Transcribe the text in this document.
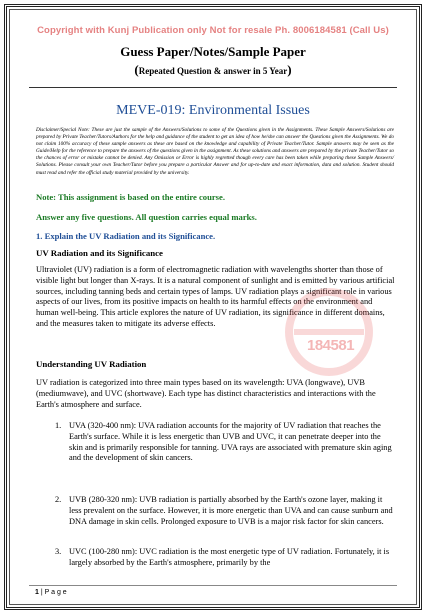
Copyright with Kunj Publication only Not for resale Ph. 8006184581 (Call Us)
Guess Paper/Notes/Sample Paper
(Repeated Question & answer in 5 Year)
MEVE-019: Environmental Issues
Disclaimer/Special Note: These are just the sample of the Answers/Solutions to some of the Questions given in the Assignments. These Sample Answers/Solutions are prepared by Private Teacher/Tutors/Authors for the help and guidance of the student to get an idea of how he/she can answer the Questions given the Assignments. We do not claim 100% accuracy of these sample answers as these are based on the knowledge and capability of Private Teacher/Tutor. Sample answers may be seen as the Guide/Help for the reference to prepare the answers of the questions given in the assignment. As these solutions and answers are prepared by the private Teacher/Tutor so the chances of error or mistake cannot be denied. Any Omission or Error is highly regretted though every care has been taken while preparing these Sample Answers/ Solutions. Please consult your own Teacher/Tutor before you prepare a particular Answer and for up-to-date and exact information, data and solution. Student should must read and refer the official study material provided by the university.
Note: This assignment is based on the entire course.
Answer any five questions. All question carries equal marks.
1. Explain the UV Radiation and its Significance.
UV Radiation and its Significance
Ultraviolet (UV) radiation is a form of electromagnetic radiation with wavelengths shorter than those of visible light but longer than X-rays. It is a natural component of sunlight and is emitted by various artificial sources, including tanning beds and certain types of lamps. UV radiation plays a significant role in various aspects of our lives, from its positive impacts on health to its harmful effects on the environment and human well-being. This article explores the nature of UV radiation, its significance in different domains, and the measures taken to mitigate its adverse effects.
184581
Understanding UV Radiation
UV radiation is categorized into three main types based on its wavelength: UVA (longwave), UVB (mediumwave), and UVC (shortwave). Each type has distinct characteristics and interactions with the Earth's atmosphere and surface.
1. UVA (320-400 nm): UVA radiation accounts for the majority of UV radiation that reaches the Earth's surface. While it is less energetic than UVB and UVC, it can penetrate deeper into the skin and is primarily responsible for tanning. UVA rays are associated with premature skin aging and the development of skin cancers.
2. UVB (280-320 nm): UVB radiation is partially absorbed by the Earth's ozone layer, making it less prevalent on the surface. However, it is more energetic than UVA and can cause sunburn and DNA damage in skin cells. Prolonged exposure to UVB is a major risk factor for skin cancers.
3. UVC (100-280 nm): UVC radiation is the most energetic type of UV radiation. Fortunately, it is largely absorbed by the Earth's atmosphere, primarily by the
1 | P a g e
